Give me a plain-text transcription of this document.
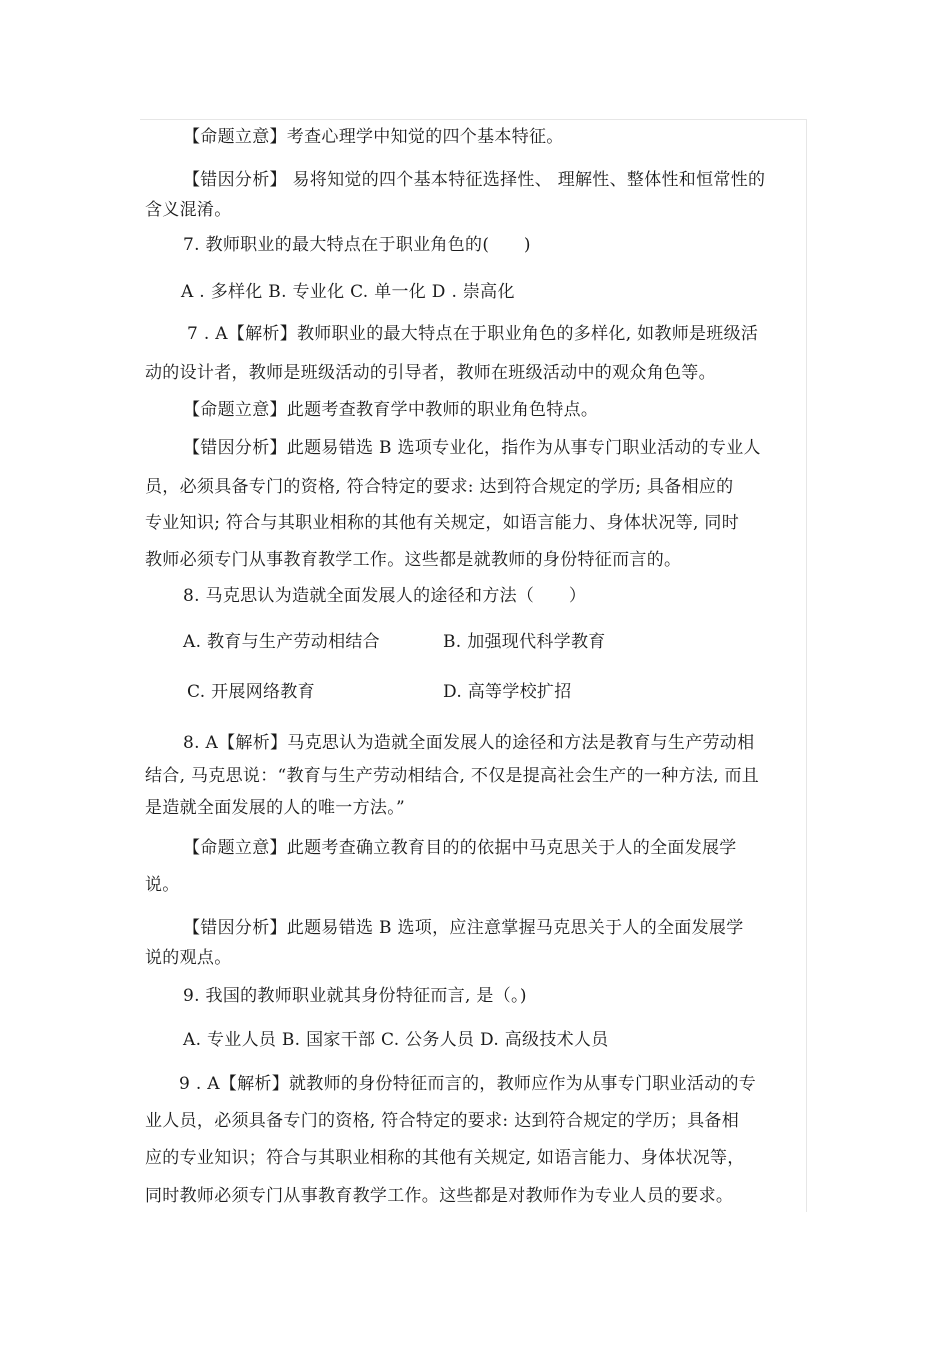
【命题立意】考查心理学中知觉的四个基本特征。
【错因分析】 易将知觉的四个基本特征选择性、 理解性、整体性和恒常性的
含义混淆。
7. 教师职业的最大特点在于职业角色的(　　)
A . 多样化 B. 专业化 C. 单一化 D . 崇高化
7 . A【解析】教师职业的最大特点在于职业角色的多样化, 如教师是班级活
动的设计者，教师是班级活动的引导者，教师在班级活动中的观众角色等。
【命题立意】此题考查教育学中教师的职业角色特点。
【错因分析】此题易错选 B 选项专业化，指作为从事专门职业活动的专业人
员，必须具备专门的资格, 符合特定的要求: 达到符合规定的学历; 具备相应的
专业知识; 符合与其职业相称的其他有关规定，如语言能力、身体状况等, 同时
教师必须专门从事教育教学工作。这些都是就教师的身份特征而言的。
8. 马克思认为造就全面发展人的途径和方法（　　）
A. 教育与生产劳动相结合	B. 加强现代科学教育
C. 开展网络教育	D. 高等学校扩招
8. A【解析】马克思认为造就全面发展人的途径和方法是教育与生产劳动相
结合, 马克思说：“教育与生产劳动相结合, 不仅是提高社会生产的一种方法, 而且
是造就全面发展的人的唯一方法。”
【命题立意】此题考查确立教育目的的依据中马克思关于人的全面发展学
说。
【错因分析】此题易错选 B 选项，应注意掌握马克思关于人的全面发展学
说的观点。
9. 我国的教师职业就其身份特征而言, 是（。)
A. 专业人员 B. 国家干部 C. 公务人员 D. 高级技术人员
9 . A【解析】就教师的身份特征而言的，教师应作为从事专门职业活动的专
业人员，必须具备专门的资格, 符合特定的要求: 达到符合规定的学历；具备相
应的专业知识；符合与其职业相称的其他有关规定, 如语言能力、身体状况等，
同时教师必须专门从事教育教学工作。这些都是对教师作为专业人员的要求。
